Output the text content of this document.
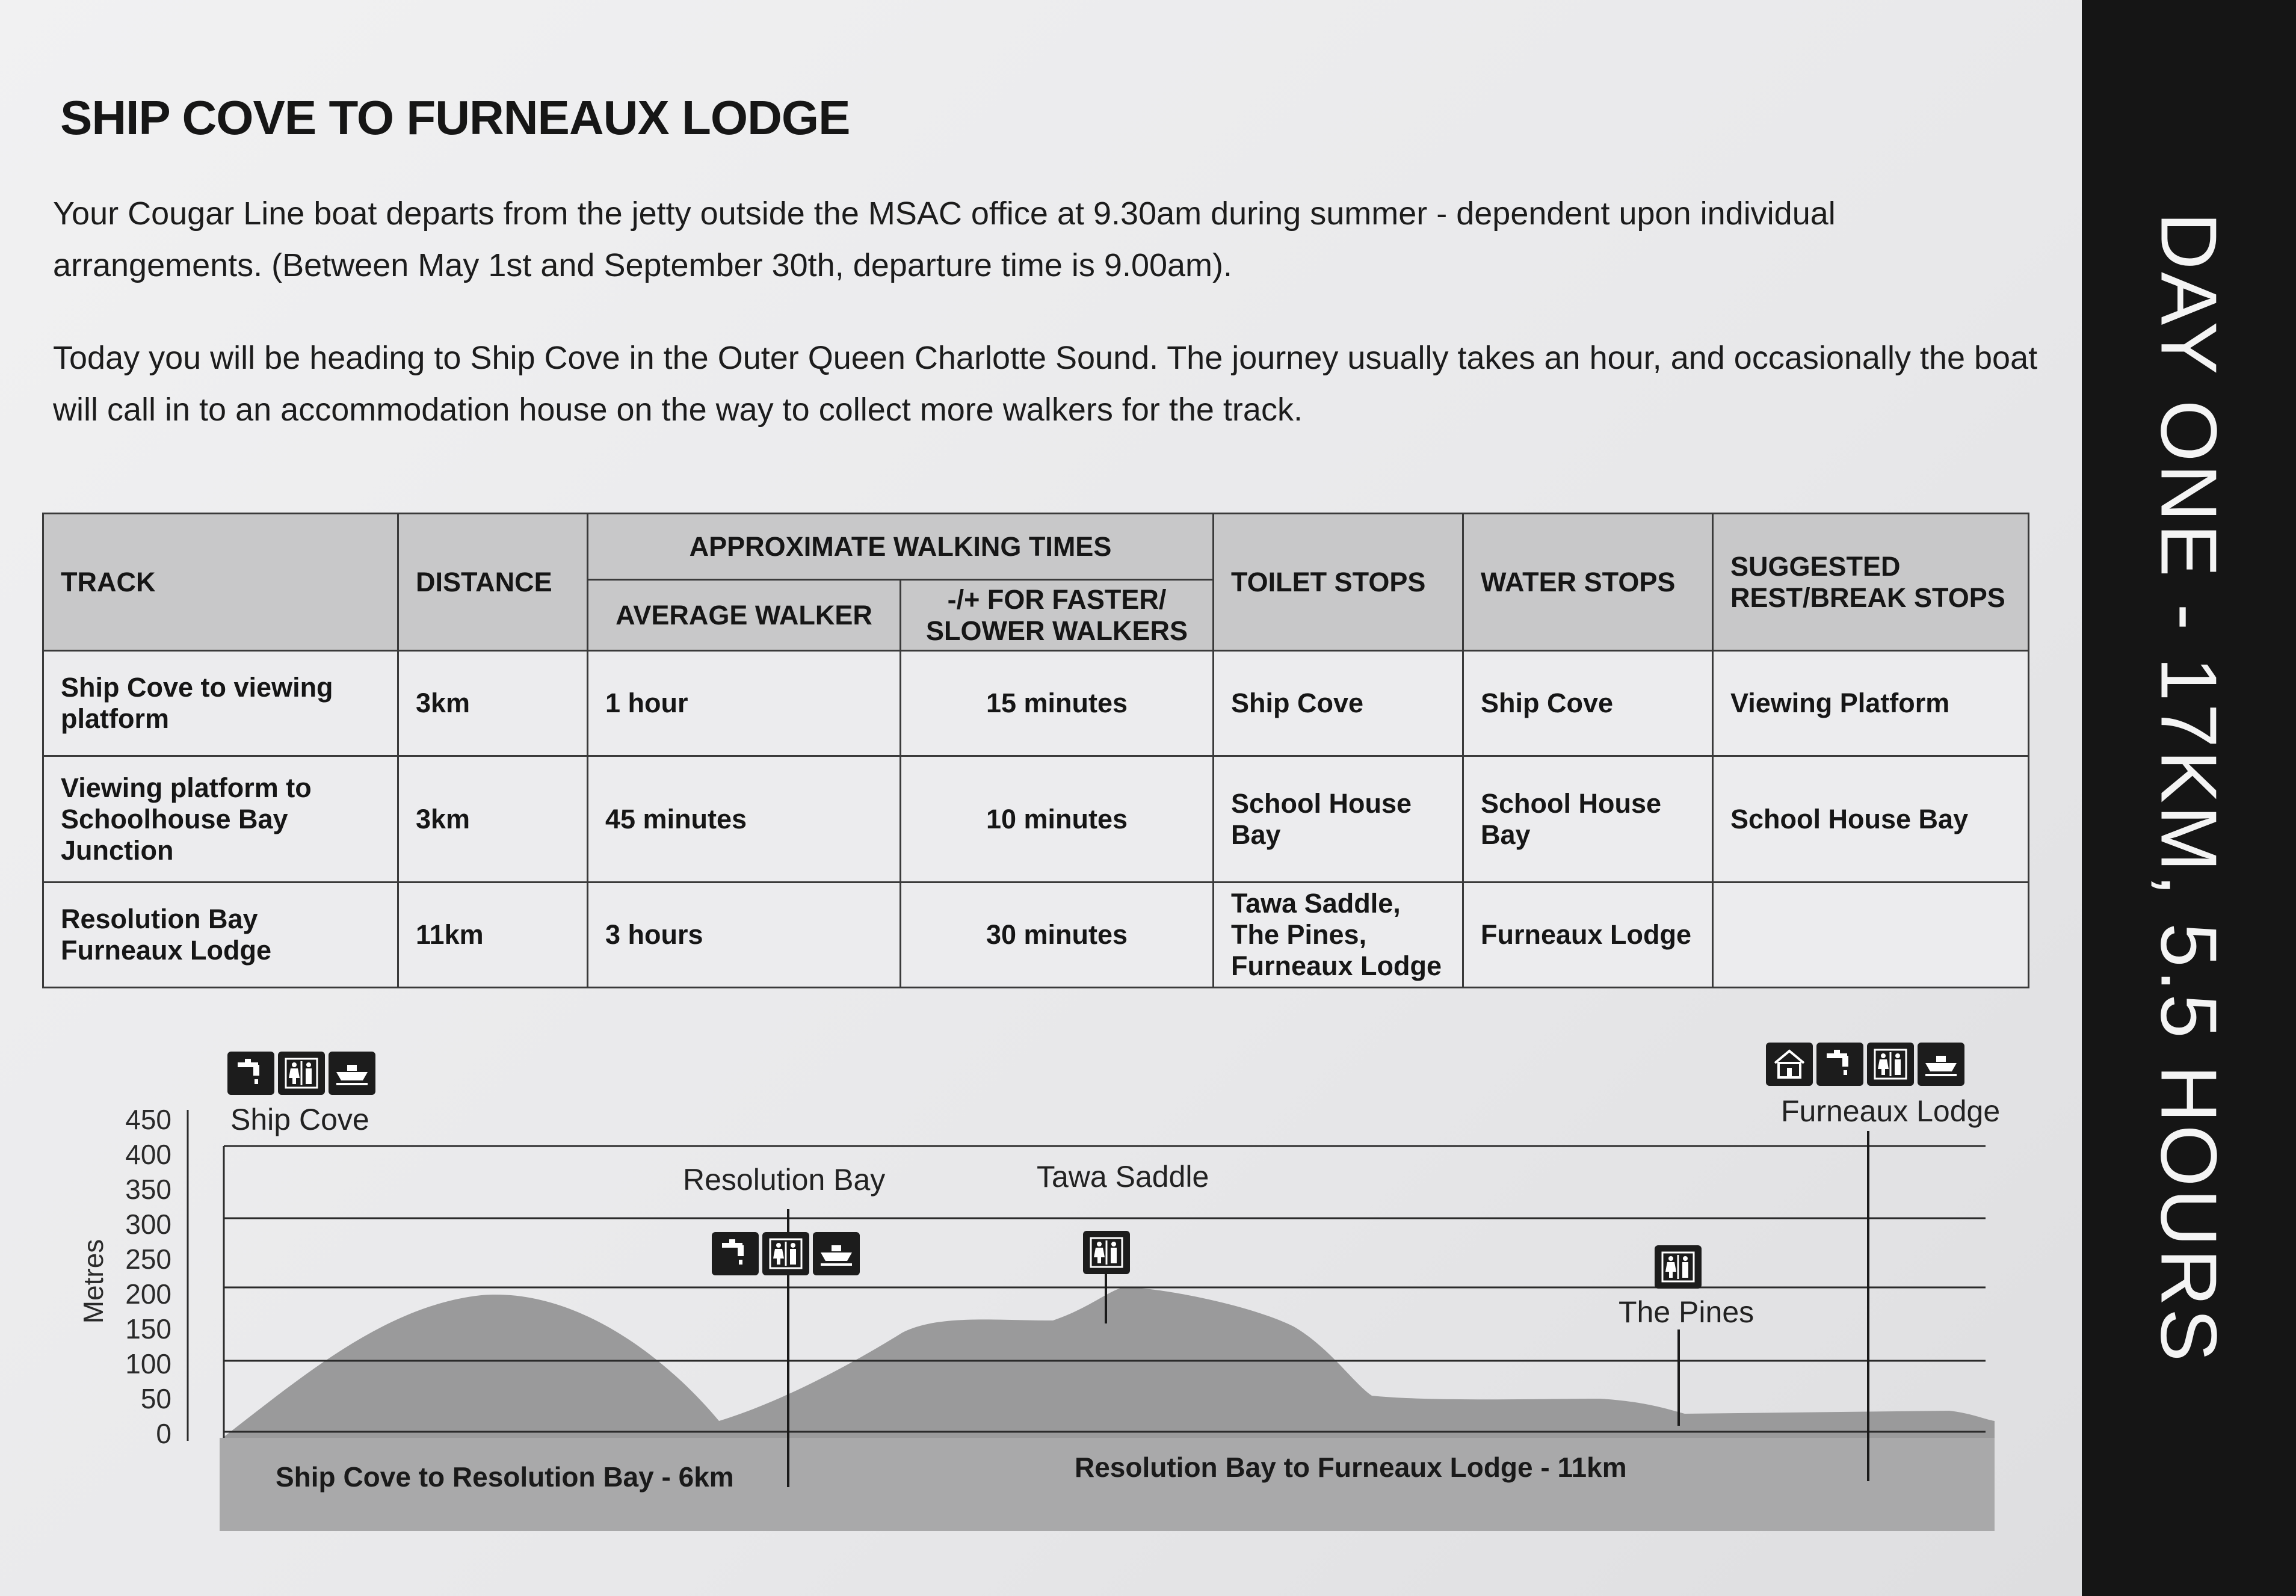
SHIP COVE TO FURNEAUX LODGE

Your Cougar Line boat departs from the jetty outside the MSAC office at 9.30am during summer - dependent upon individual arrangements. (Between May 1st and September 30th, departure time is 9.00am).

Today you will be heading to Ship Cove in the Outer Queen Charlotte Sound. The journey usually takes an hour, and occasionally the boat will call in to an accommodation house on the way to collect more walkers for the track.

TRACK	DISTANCE	APPROXIMATE WALKING TIMES		TOILET STOPS	WATER STOPS	SUGGESTED REST/BREAK STOPS
		AVERAGE WALKER	-/+ FOR FASTER/ SLOWER WALKERS			
Ship Cove to viewing platform	3km	1 hour	15 minutes	Ship Cove	Ship Cove	Viewing Platform
Viewing platform to Schoolhouse Bay Junction	3km	45 minutes	10 minutes	School House Bay	School House Bay	School House Bay
Resolution Bay Furneaux Lodge	11km	3 hours	30 minutes	Tawa Saddle, The Pines, Furneaux Lodge	Furneaux Lodge	
450
400
350
300
250
200
150
100
50
0
Metres
Ship Cove
Resolution Bay	Tawa Saddle
The Pines
Furneaux Lodge
Ship Cove to Resolution Bay - 6km	Resolution Bay to Furneaux Lodge - 11km
DAY ONE - 17KM, 5.5 HOURS
